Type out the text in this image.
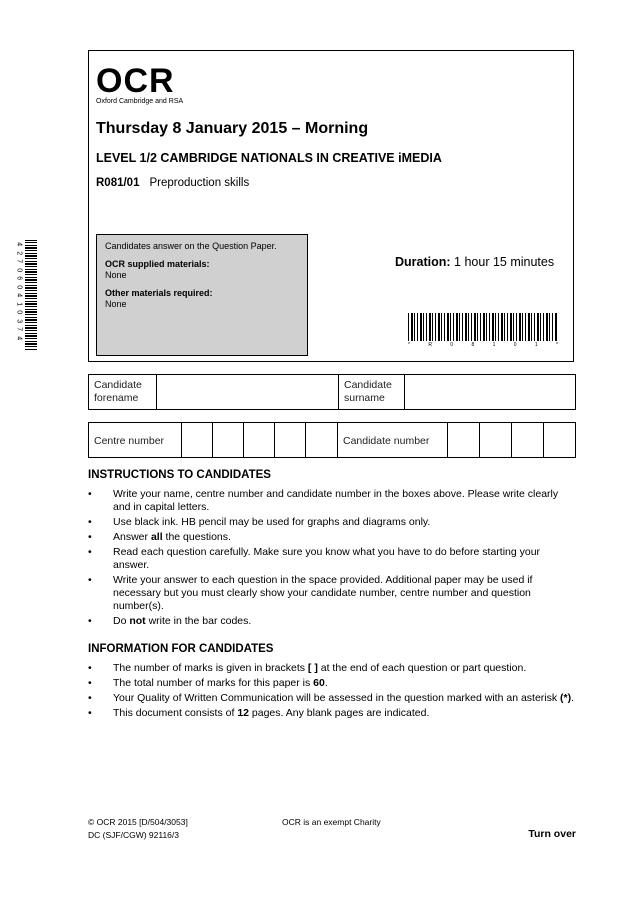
OCR
Oxford Cambridge and RSA
Thursday 8 January 2015 – Morning
LEVEL 1/2 CAMBRIDGE NATIONALS IN CREATIVE iMEDIA
R081/01 Preproduction skills

Candidates answer on the Question Paper.

OCR supplied materials:
None

Other materials required:
None

Duration: 1 hour 15 minutes
*	R	0	8	1	0	1	*
4
2
7
0
6
0
4
1
0
3
7
4
Candidate forename
Candidate surname
Centre number	Candidate number
INSTRUCTIONS TO CANDIDATES
• Write your name, centre number and candidate number in the boxes above. Please write clearly and in capital letters.
• Use black ink. HB pencil may be used for graphs and diagrams only.
• Answer all the questions.
• Read each question carefully. Make sure you know what you have to do before starting your answer.
• Write your answer to each question in the space provided. Additional paper may be used if necessary but you must clearly show your candidate number, centre number and question number(s).
• Do not write in the bar codes.
INFORMATION FOR CANDIDATES
• The number of marks is given in brackets [ ] at the end of each question or part question.
• The total number of marks for this paper is 60.
• Your Quality of Written Communication will be assessed in the question marked with an asterisk (*).
• This document consists of 12 pages. Any blank pages are indicated.
© OCR 2015 [D/504/3053]
DC (SJF/CGW) 92116/3
OCR is an exempt Charity
Turn over
